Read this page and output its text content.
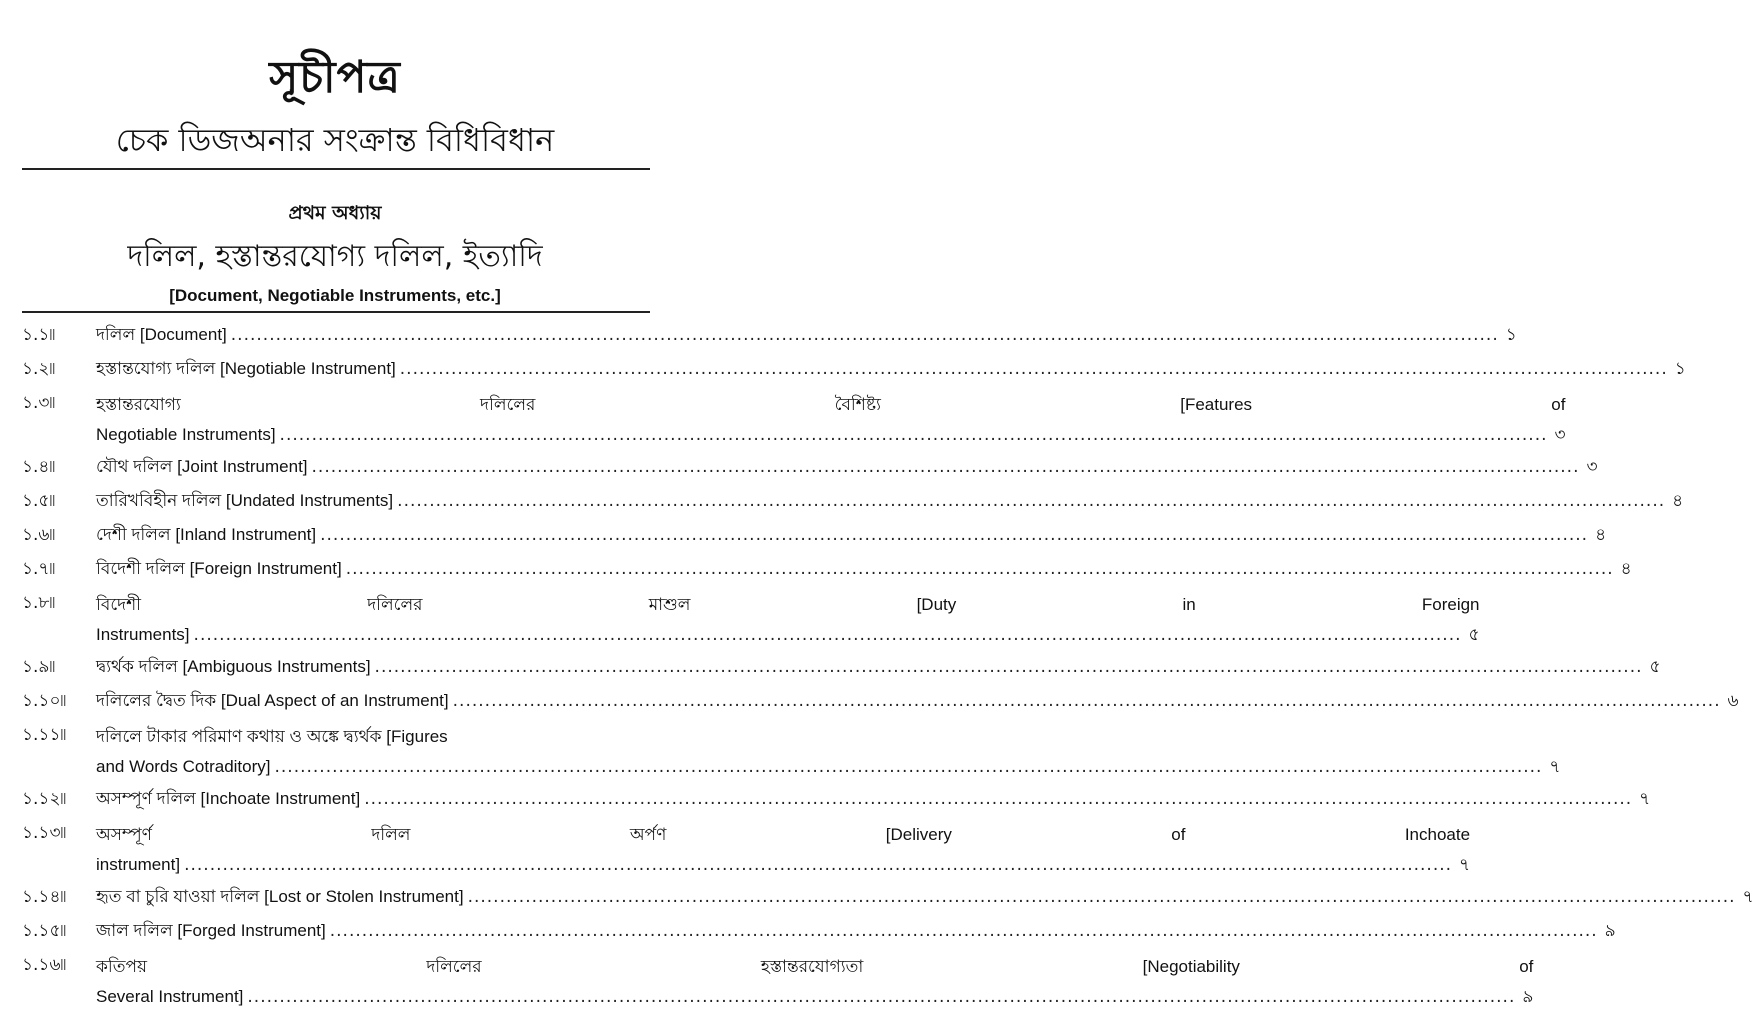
সূচীপত্র
চেক ডিজঅনার সংক্রান্ত বিধিবিধান
প্রথম অধ্যায়
দলিল, হস্তান্তরযোগ্য দলিল, ইত্যাদি
[Document, Negotiable Instruments, etc.]
১.১৷৷	দলিল [Document] .....	১
১.২৷৷	হস্তান্তযোগ্য দলিল [Negotiable Instrument] .....	১
১.৩৷৷	হস্তান্তরযোগ্য	দলিলের	বৈশিষ্ট্য	[Features	of
Negotiable Instruments] .....	৩
১.৪৷৷	যৌথ দলিল [Joint Instrument] .....	৩
১.৫৷৷	তারিখবিহীন দলিল [Undated Instruments] .....	৪
১.৬৷৷	দেশী দলিল [Inland Instrument] .....	৪
১.৭৷৷	বিদেশী দলিল [Foreign Instrument] .....	৪
১.৮৷৷	বিদেশী	দলিলের	মাশুল	[Duty	in	Foreign
Instruments] .....	৫
১.৯৷৷	দ্ব্যর্থক দলিল [Ambiguous Instruments] .....	৫
১.১০৷৷	দলিলের দ্বৈত দিক [Dual Aspect of an Instrument] .....	৬
১.১১৷৷	দলিলে টাকার পরিমাণ কথায় ও অঙ্কে দ্ব্যর্থক [Figures
and Words Cotraditory] .....	৭
১.১২৷৷	অসম্পূর্ণ দলিল [Inchoate Instrument] .....	৭
১.১৩৷৷	অসম্পূর্ণ	দলিল	অর্পণ	[Delivery	of	Inchoate
instrument] .....	৭
১.১৪৷৷	হৃত বা চুরি যাওয়া দলিল [Lost or Stolen Instrument] .....	৭
১.১৫৷৷	জাল দলিল [Forged Instrument] .....	৯
১.১৬৷৷	কতিপয়	দলিলের	হস্তান্তরযোগ্যতা	[Negotiability	of
Several Instrument] .....	৯
